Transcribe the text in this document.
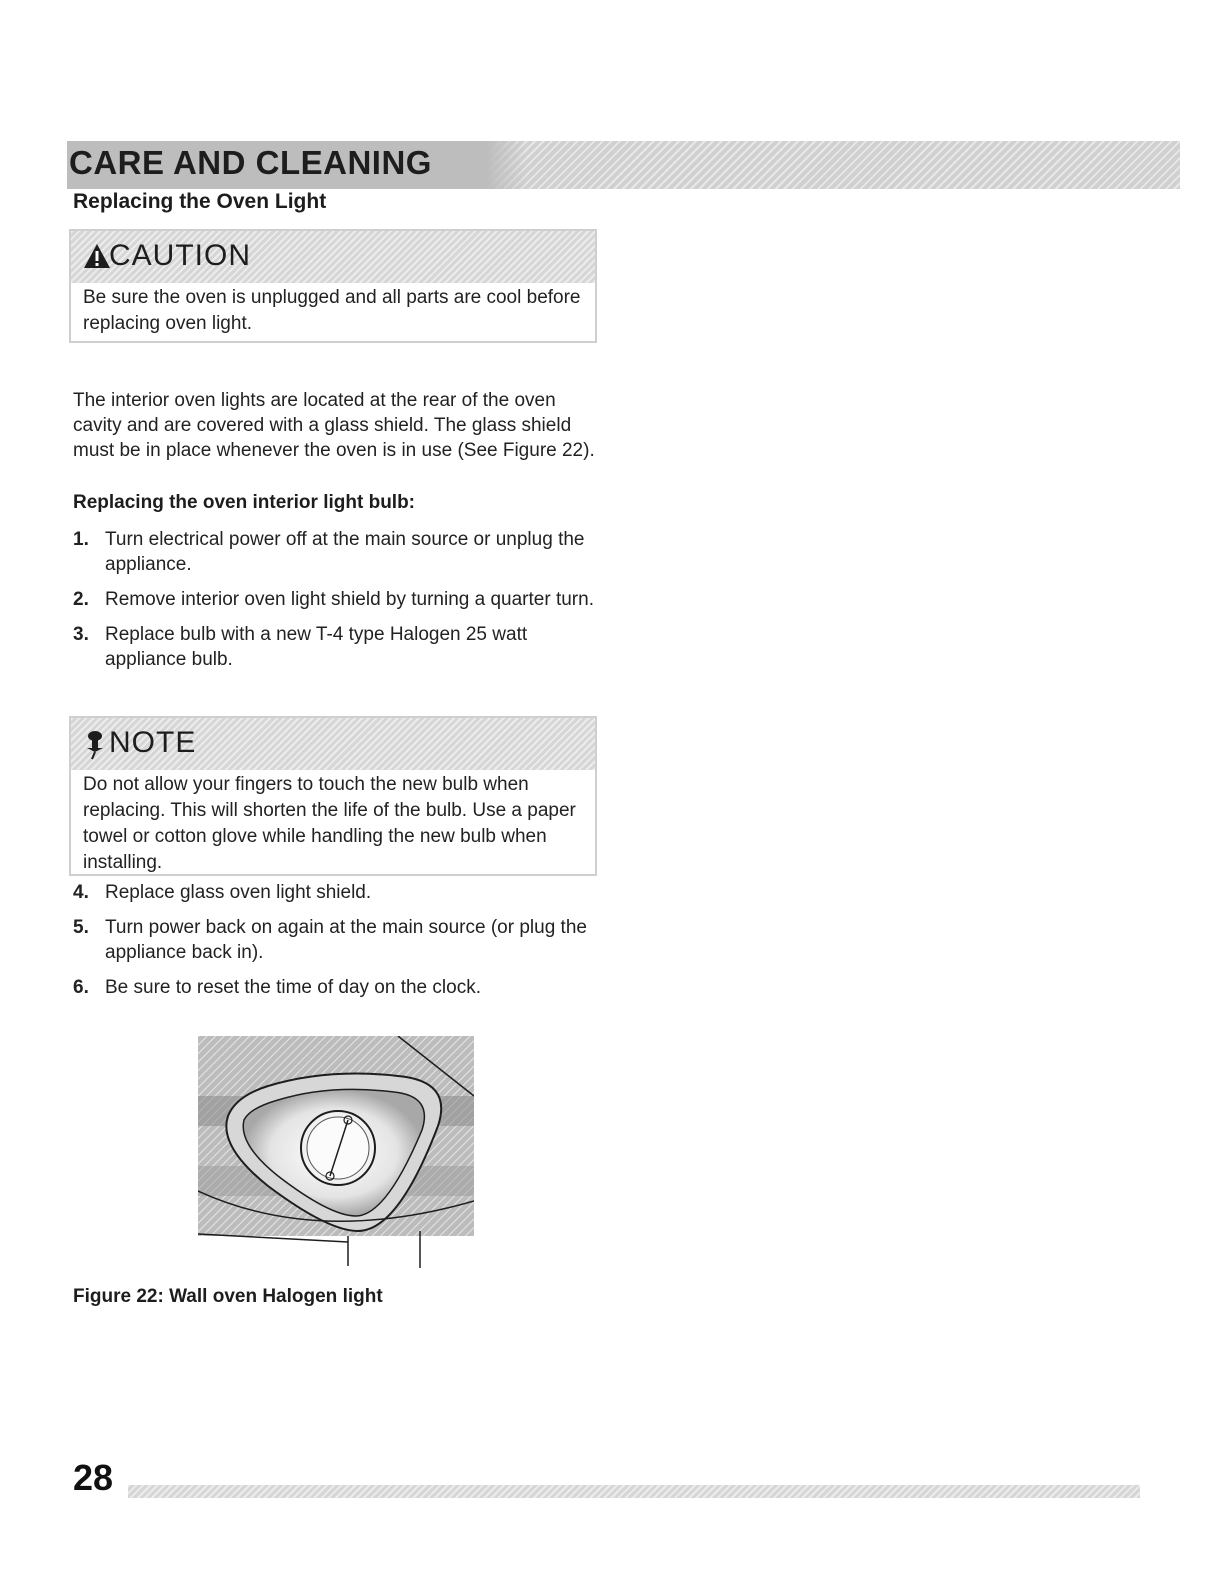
CARE AND CLEANING
Replacing the Oven Light
CAUTION
Be sure the oven is unplugged and all parts are cool before replacing oven light.
The interior oven lights are located at the rear of the oven cavity and are covered with a glass shield. The glass shield must be in place whenever the oven is in use (See Figure 22).
Replacing the oven interior light bulb:
1. Turn electrical power off at the main source or unplug the appliance.
2. Remove interior oven light shield by turning a quarter turn.
3. Replace bulb with a new T-4 type Halogen 25 watt appliance bulb.
NOTE
Do not allow your fingers to touch the new bulb when replacing. This will shorten the life of the bulb. Use a paper towel or cotton glove while handling the new bulb when installing.
4. Replace glass oven light shield.
5. Turn power back on again at the main source (or plug the appliance back in).
6. Be sure to reset the time of day on the clock.
Figure 22: Wall oven Halogen light
28
